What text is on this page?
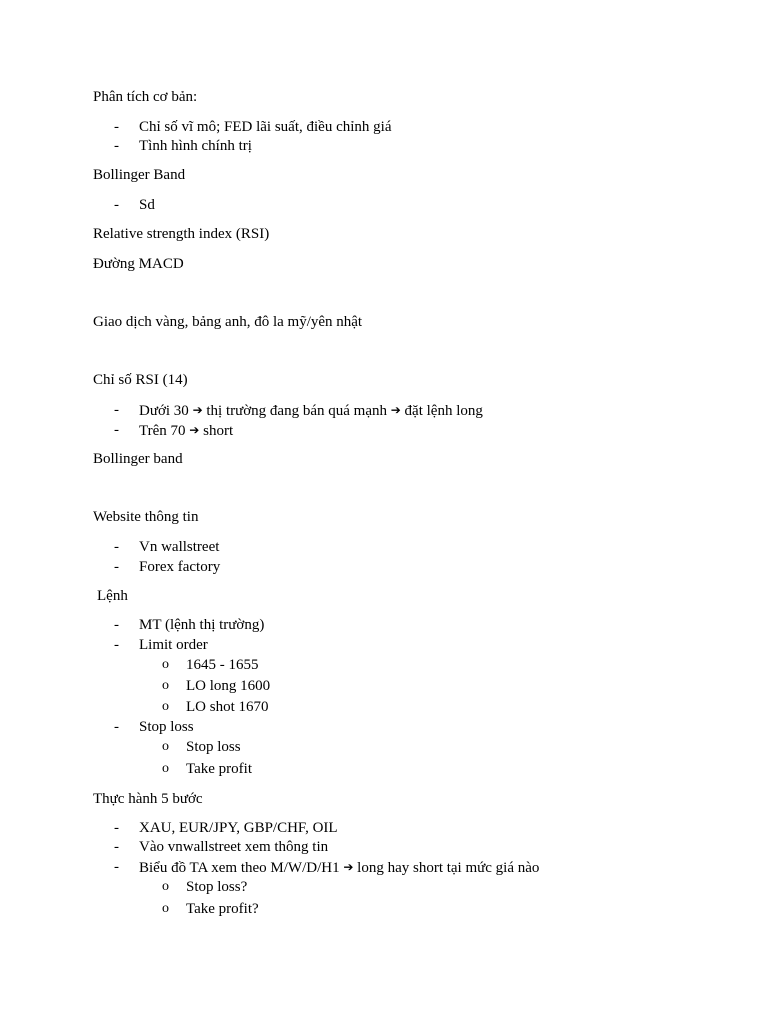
Phân tích cơ bản:
- Chỉ số vĩ mô; FED lãi suất, điều chỉnh giá
- Tình hình chính trị
Bollinger Band
- Sd
Relative strength index (RSI)
Đường MACD
Giao dịch vàng, bảng anh, đô la mỹ/yên nhật
Chỉ số RSI (14)
- Dưới 30 ➔ thị trường đang bán quá mạnh ➔ đặt lệnh long
- Trên 70 ➔ short
Bollinger band
Website thông tin
- Vn wallstreet
- Forex factory
Lệnh
- MT (lệnh thị trường)
- Limit order
o 1645 - 1655
o LO long 1600
o LO shot 1670
- Stop loss
o Stop loss
o Take profit
Thực hành 5 bước
- XAU, EUR/JPY, GBP/CHF, OIL
- Vào vnwallstreet xem thông tin
- Biểu đồ TA xem theo M/W/D/H1 ➔ long hay short tại mức giá nào
o Stop loss?
o Take profit?
